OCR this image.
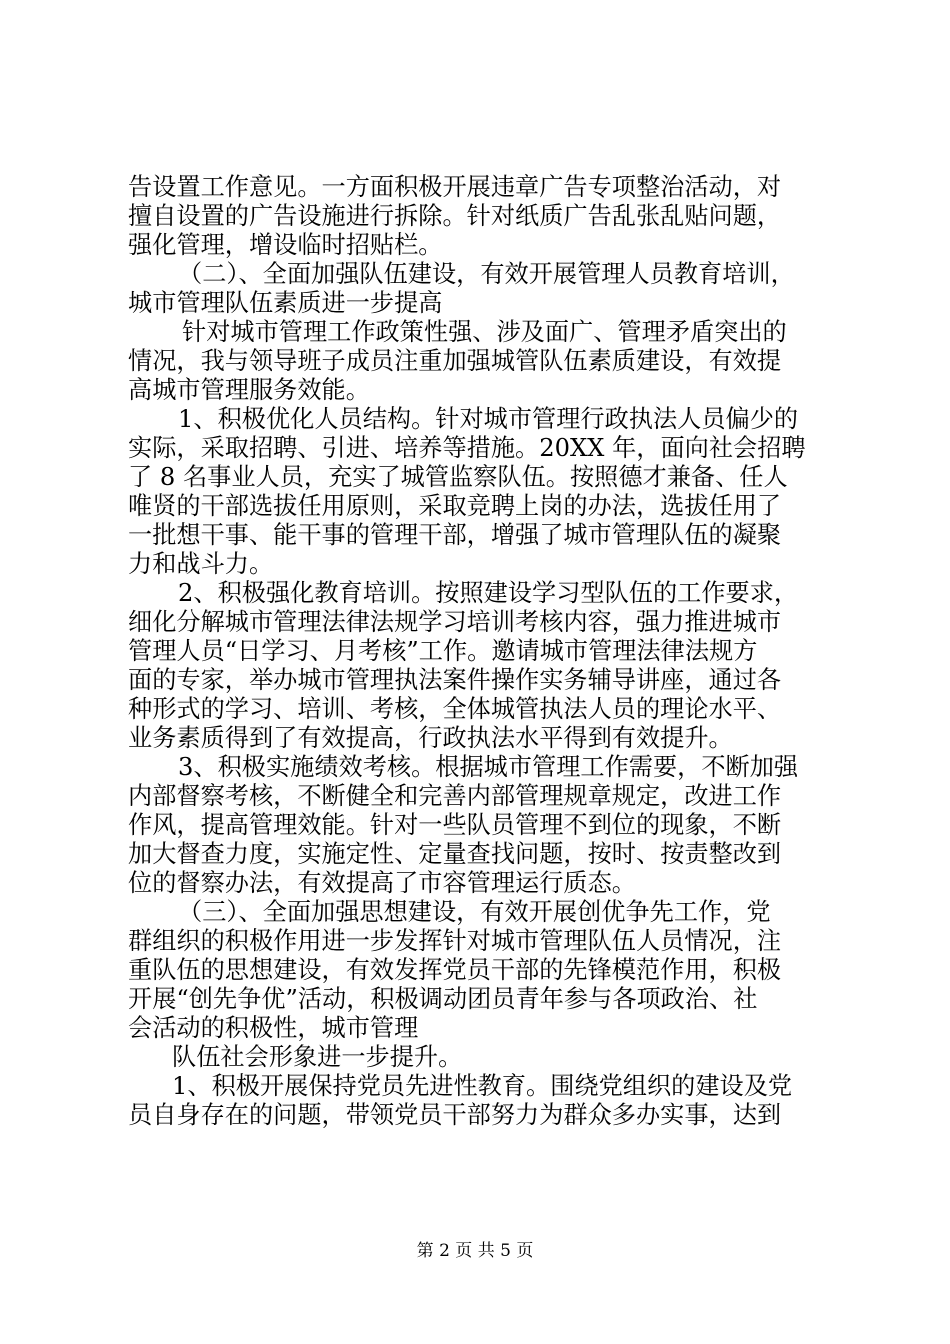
告设置工作意见。一方面积极开展违章广告专项整治活动，对
擅自设置的广告设施进行拆除。针对纸质广告乱张乱贴问题，
强化管理，增设临时招贴栏。
（二）、全面加强队伍建设，有效开展管理人员教育培训，
城市管理队伍素质进一步提高
针对城市管理工作政策性强、涉及面广、管理矛盾突出的
情况，我与领导班子成员注重加强城管队伍素质建设，有效提
高城市管理服务效能。
1、积极优化人员结构。针对城市管理行政执法人员偏少的
实际，采取招聘、引进、培养等措施。20XX 年，面向社会招聘
了 8 名事业人员，充实了城管监察队伍。按照德才兼备、任人
唯贤的干部选拔任用原则，采取竞聘上岗的办法，选拔任用了
一批想干事、能干事的管理干部，增强了城市管理队伍的凝聚
力和战斗力。
2、积极强化教育培训。按照建设学习型队伍的工作要求，
细化分解城市管理法律法规学习培训考核内容，强力推进城市
管理人员“日学习、月考核”工作。邀请城市管理法律法规方
面的专家，举办城市管理执法案件操作实务辅导讲座，通过各
种形式的学习、培训、考核，全体城管执法人员的理论水平、
业务素质得到了有效提高，行政执法水平得到有效提升。
3、积极实施绩效考核。根据城市管理工作需要，不断加强
内部督察考核，不断健全和完善内部管理规章规定，改进工作
作风，提高管理效能。针对一些队员管理不到位的现象，不断
加大督查力度，实施定性、定量查找问题，按时、按责整改到
位的督察办法，有效提高了市容管理运行质态。
（三）、全面加强思想建设，有效开展创优争先工作，党
群组织的积极作用进一步发挥针对城市管理队伍人员情况，注
重队伍的思想建设，有效发挥党员干部的先锋模范作用，积极
开展“创先争优”活动，积极调动团员青年参与各项政治、社
会活动的积极性，城市管理
队伍社会形象进一步提升。
1、积极开展保持党员先进性教育。围绕党组织的建设及党
员自身存在的问题，带领党员干部努力为群众多办实事，达到
第 2 页 共 5 页
